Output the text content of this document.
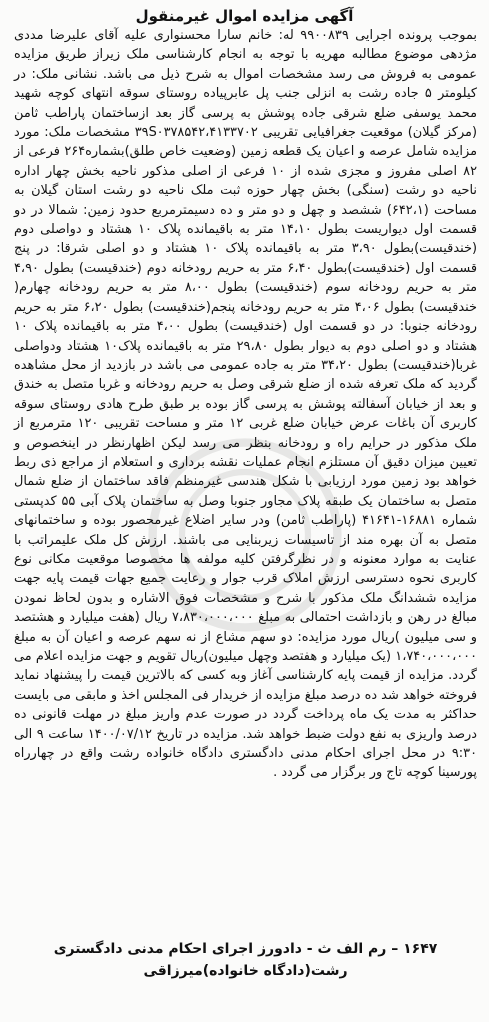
آگهی مزایده اموال غیرمنقول
بموجب پرونده اجرایی ۹۹۰۰۸۳۹ له: خانم سارا محسنواری علیه آقای علیرضا مددی مژدهی موضوع مطالبه مهریه با توجه به انجام کارشناسی ملک زیراز طریق مزایده عمومی به فروش می رسد مشخصات اموال به شرح ذیل می باشد. نشانی ملک: در کیلومتر ۵ جاده رشت به انزلی جنب پل عابرپیاده روستای سوقه انتهای کوچه شهید محمد یوسفی ضلع شرقی جاده پوشش به پرسی گاز بعد ازساختمان پاراطب ثامن (مرکز گیلان) موقعیت جغرافیایی تقریبی ۳۹S۰۳۷۸۵۴۲،۴۱۳۳۷۰۲ مشخصات ملک: مورد مزایده شامل عرصه و اعیان یک قطعه زمین (وضعیت خاص طلق)بشماره۲۶۴ فرعی از ۸۲ اصلی مفروز و مجزی شده از ۱۰ فرعی از اصلی مذکور ناحیه بخش چهار اداره ناحیه دو رشت (سنگی) بخش چهار حوزه ثبت ملک ناحیه دو رشت استان گیلان به مساحت (۶۴۲،۱) ششصد و چهل و دو متر و ده دسیمترمربع حدود زمین: شمالا در دو قسمت اول دیواریست بطول ۱۴،۱۰ متر به باقیمانده پلاک ۱۰ هشتاد و دواصلی دوم (خندقیست)بطول ۳،۹۰ متر به باقیمانده پلاک ۱۰ هشتاد و دو اصلی شرقا: در پنج قسمت اول (خندقیست)بطول ۶،۴۰ متر به حریم رودخانه دوم (خندقیست) بطول ۴،۹۰ متر به حریم رودخانه سوم (خندقیست) بطول ۸،۰۰ متر به حریم رودخانه چهارم( خندقیست) بطول ۴،۰۶ متر به حریم رودخانه پنجم(خندقیست) بطول ۶،۲۰ متر به حریم رودخانه جنوبا: در دو قسمت اول (خندقیست) بطول ۴،۰۰ متر به باقیمانده پلاک ۱۰ هشتاد و دو اصلی دوم به دیوار بطول ۲۹،۸۰ متر به باقیمانده پلاک۱۰ هشتاد ودواصلی غربا(خندقیست) بطول ۳۴،۲۰ متر به جاده عمومی می باشد در بازدید از محل مشاهده گردید که ملک تعرفه شده از ضلع شرقی وصل به حریم رودخانه و غربا متصل به خندق و بعد از خیابان آسفالته پوشش به پرسی گاز بوده بر طبق طرح هادی روستای سوقه کاربری آن باغات عرض خیابان ضلع غربی ۱۲ متر و مساحت تقریبی ۱۲۰ مترمربع از ملک مذکور در حرایم راه و رودخانه بنظر می رسد لیکن اظهارنظر در اینخصوص و تعیین میزان دقیق آن مستلزم انجام عملیات نقشه برداری و استعلام از مراجع ذی ربط خواهد بود زمین مورد ارزیابی با شکل هندسی غیرمنظم فاقد ساختمان از ضلع شمال متصل به ساختمان یک طبقه پلاک مجاور جنوبا وصل به ساختمان پلاک آبی ۵۵ کدپستی شماره ۱۶۸۸۱-۴۱۶۴۱ (پاراطب ثامن) ودر سایر اضلاع غیرمحصور بوده و ساختمانهای متصل به آن بهره مند از تاسیسات زیربنایی می باشند. ارزش کل ملک علیمراتب با عنایت به موارد معنونه و در نظرگرفتن کلیه مولفه ها مخصوصا موقعیت مکانی نوع کاربری نحوه دسترسی ارزش املاک قرب جوار و رعایت جمیع جهات قیمت پایه جهت مزایده ششدانگ ملک مذکور با شرح و مشخصات فوق الاشاره و بدون لحاظ نمودن مبالغ در رهن و بازداشت احتمالی به مبلغ ۷،۸۳۰،۰۰۰،۰۰۰ ریال (هفت میلیارد و هشتصد و سی میلیون )ریال مورد مزایده: دو سهم مشاع از نه سهم عرصه و اعیان آن به مبلغ ۱،۷۴۰،۰۰۰،۰۰۰ (یک میلیارد و هفتصد وچهل میلیون)ریال تقویم و جهت مزایده اعلام می گردد. مزایده از قیمت پایه کارشناسی آغاز وبه کسی که بالاترین قیمت را پیشنهاد نماید فروخته خواهد شد ده درصد مبلغ مزایده از خریدار فی المجلس اخذ و مابقی می بایست حداکثر به مدت یک ماه پرداخت گردد در صورت عدم واریز مبلغ در مهلت قانونی ده درصد واریزی به نفع دولت ضبط خواهد شد. مزایده در تاریخ ۱۴۰۰/۰۷/۱۲ ساعت ۹ الی ۹:۳۰ در محل اجرای احکام مدنی دادگستری دادگاه خانواده رشت واقع در چهارراه پورسینا کوچه تاج ور برگزار می گردد .
۱۶۴۷ – رم الف ث - دادورز اجرای احکام مدنی دادگستری رشت(دادگاه خانواده)میرزاقی
